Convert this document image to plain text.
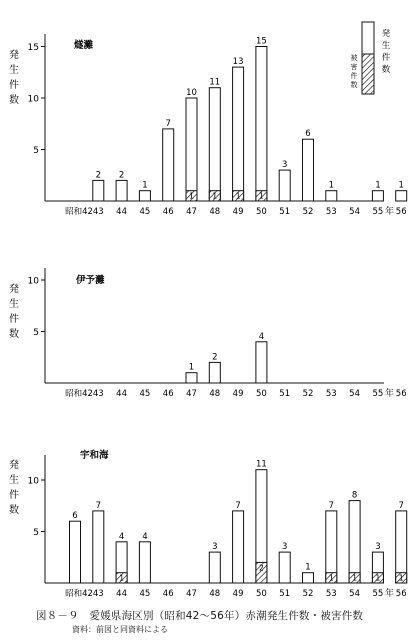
5
10
15
発生件数
燧灘
昭和42 43 44 45 46 47 48 49 50 51 52 53 54 55 56
年
2 2
1
7
1
10
1
11
1
13
1
15
3
6
1	1 1
発生件数
被害件数
5
10
発生件数
伊予灘
昭和42 43 44 45 46 47 48 49 50 51 52 53 54 55 56
年
1
2
4
5
10
発生件数
宇和海
昭和42 43 44 45 46 47 48 49 50 51 52 53 54 55 56
年
6
7
1
4 4
3
7
2
11
3
1
1
7
1
8
1
3
1
7
図８－９　愛媛県海区別（昭和42～56年）赤潮発生件数・被害件数
資料：前図と同資料による
